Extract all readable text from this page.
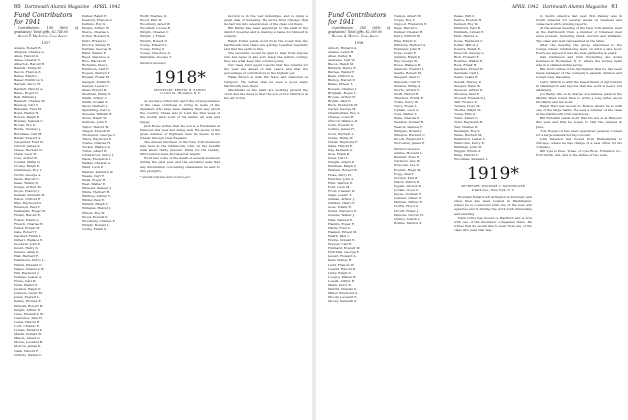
60 Dartmouth Alumni Magazine APRIL 1942
Fund Contributors for 1941

Contributors: 198 (80% of graduates). Total gifts, $2,740.00

Arthur P. MacIntyre, Class Agent.

1917
Adams, Robert R.
Ahlgren, Charles A.
Allen, Harold G.
Ames, Chester C.
Atherton, Harold R.
Babbitt, Philip M.
Bacon, Francis E.
Bailey, Ralph L.
Baker, Winthrop S.
Barrett, Percy W.
Bartlett, Harold A.
Bates, Roger N.
Bell, William J.
Bennett, Charles W.
Bigelow, Carl T.
Blaisdell, Fred M.
Bond, Walter H.
Bowen, Ralph E.
Bradley, Samuel C.
Brown, Roy E.
Burke, Thomas J.
Burnham, Carl M.
Butler, Everett A.
Carpenter, Fred H.
Carroll, James P.
Chase, Herbert N.
Clark, Leon W.
Cole, Arthur B.
Conant, Philip D.
Crosby, Ralph E.
Cummings, Roy L.
Curtis, George A.
Davis, Harold C.
Dean, Walter R.
Dodge, Arthur M.
Doyle, Francis J.
Dunbar, Kenneth H.
Eaton, Clifford P.
Ellis, Raymond G.
Emerson, Paul T.
Fairbanks, Roger W.
Fisher, Harold E.
Foster, Edwin L.
French, Charles R.
Fuller, Ernest W.
Gale, Robert T.
Gardner, Frank L.
Gilbert, Wallace E.
Goodwin, John P.
Gould, Harry S.
Graves, Allan D.
Hall, Herbert F.
Hammond, Percy L.
Harris, Edward C.
Hayes, Clarence W.
Hill, Raymond J.
Holmes, Lester A.
Howe, Carl W.
Hunt, Walter S.
Jackson, Ralph P.
Johnson, Oscar M.
Jones, Everett L.
Kelley, Thomas F.
Kimball, Robert H.
Knight, Arthur E.
Lane, Frederick W.
Lawrence, Paul H.
Lewis, Harold R.
Lord, Chester E.
Lyman, Richard P.
Marsh, Donald W.
Mason, Albert G.
Morse, Leonard B.
Morton, James K.
Nash, Harold F.
Nichols, Walter C.
Parker, Ralph E.
Peabody, Francis A.
Perkins, Roy G.
Phelps, Arthur W.
Pierce, Charles L.
Porter, Howard S.
Pratt, Ernest D.
Proctor, Sidney H.
Putnam, George R.
Rand, Walter P.
Reed, Clarence A.
Rice, Harold W.
Richards, Paul L.
Robinson, Carl E.
Rogers, Warren T.
Russell, Frank M.
Sargent, Edwin R.
Sawyer, Lewis C.
Shaw, Robert H.
Sherman, Philip E.
Smith, Arthur L.
Smith, Donald P.
Snow, Herbert J.
Spaulding, Carl A.
Stevens, William R.
Stone, Ralph W.
Sullivan, John F.
Taylor, Harold M.
Thayer, Everett B.
Thompson, George C.
Tilton, Raymond E.
Towne, Charles H.
Tucker, Wallace S.
Tuttle, Albert R.
Underwood, Percy J.
Wade, Frederick L.
Walker, Chester A.
Ward, Leon P.
Warren, Kenneth W.
Weeks, Carl F.
Wells, Roger H.
West, Walter E.
Wheeler, Samuel J.
White, Herbert R.
Whitney, Arthur C.
Wilder, Paul E.
Willard, Ralph T.
Williams, Harold J.
Wilson, Roy W.
Wood, Everett P.
Woodbury, Charles F.
Wright, Donald L.
Young, Frank S.
Wolff, Charles, Jr.
Wood, Paul W.
Woodbury, Jared W.
Woodruff, Lucius B.
Wright, Chester C.
Wright, J. Frank
Wright, Robert D.
Young, Edward L.
Young, Irving S.
Young, Theodore A.
Zabriskie, George T.
Members deceased
1918*
SECRETARY, ERNEST H. EARLEY
1 Court St., Brooklyn, N. Y.

As we have rolled into April the correspondence of the class continues to bring in news of the members who have been making their way about the country. Chase was in town the first week of the month with word of his family, all well and happy.

Jack Rowe writes that his son is a Freshman at Hanover this year and doing well. He spoke of the great number of Eighteen men he meets in his travels through New England.

The annual luncheon of the New York members was held at the Dartmouth Club on the twelfth with about thirty present. Plans for the twenty-fifth reunion were discussed at length.

Word has come of the death of several members during the past year and the secretary asks that any information concerning classmates be sent to him promptly.

* asterisk indicates class reunion year.

Gordon is in the war industries, and is doing a great deal of traveling. He wrote from Chicago that he had run into several men of the class out there.

Bill Burke has been appointed to the staff of the district hospital and is making a name for himself in surgery.

Ralph Fuller sends word from the Coast that the Dartmouth men there are getting together regularly and that the spirit is fine.

The secretary would be glad to hear from anyone who has news of any sort. Keep the letters coming; they are what keep this column going.

Our class fund agent reports that the returns for the year are ahead of last year's and that the percentage of contributors is the highest yet.

Hank Brown is with the Navy and stationed at Newport. He writes that he sees a good many Dartmouth men there.

Machinists at the plant are working around the clock and the news is that the son of Doc Harris is in the Air Corps.

APRIL 1942 Dartmouth Alumni Magazine 61
Fund Contributors for 1941

Contributors: 165 (66% of graduates). Total gifts, $2,500.00

Richard A. Holton, Class Agent.

1918
Abbott, Richard A.
Adams, Lewis H.
Allen, Perley B.
Andrews, Carl W.
Bacon, Ralph M.
Baldwin, Henry E.
Barnes, Walter F.
Bean, Clifford A.
Bishop, Harold P.
Blake, Ernest T.
Bowers, Charles J.
Brigham, Roger L.
Brooks, Arthur H.
Bryant, Paul E.
Buck, Frederick W.
Carter, George M.
Chamberlain, Roy A.
Cheney, Louis R.
Church, Wallace D.
Cobb, Everett S.
Collins, James H.
Cook, Herbert L.
Crane, Philip W.
Cutler, Raymond F.
Dana, Harold E.
Day, Kenneth A.
Dow, Frank R.
Drew, Carl L.
Dwight, Albert P.
Eastman, Ralph C.
Farnum, Robert W.
Fiske, Percy H.
Fletcher, John A.
Flint, Warren E.
Ford, Leon M.
Frost, Chester W.
Gage, Lester T.
Gilman, Arthur J.
Glidden, Harry F.
Goss, Edwin R.
Grant, Clarence E.
Greene, Walter J.
Hale, Samuel P.
Hamlin, Roger F.
Hardy, Fred C.
Haskell, Ernest M.
Heath, Paul L.
Hobbs, Donald E.
Hooper, Carl R.
Hubbard, Everett W.
Hutchins, George F.
Jewett, Howard A.
Kent, Sidney R.
Ladd, Francis W.
Leavitt, Harold D.
Libby, Ralph S.
Lovejoy, Walter H.
Lowell, Arthur R.
Mann, Percy E.
Merrill, Charles S.
Miller, Raymond A.
Moody, Leonard F.
Moore, Kenneth P.
Nelson, Albert W.
Noyes, Roy T.
Osgood, Frederick E.
Page, Harold L.
Palmer, Chester R.
Perry, Clifford W.
Pike, Edwin S.
Pillsbury, Herbert A.
Plummer, John R.
Pope, Lewis E.
Quimby, Ralph P.
Ray, George W.
Rowe, Wallace H.
Sanborn, Everett L.
Searle, Robert M.
Shepard, Paul C.
Simonds, Carl H.
Stearns, Philip A.
Storrs, Arthur F.
Swift, Harold R.
Thurston, Frank E.
Towle, Percy W.
Tracy, Roger L.
Upham, Leon A.
Vose, Walter T.
Ware, Charles P.
Webster, Donald R.
Weston, Samuel F.
Whipple, Ernest J.
Winslow, Herbert C.
Woods, Raymond L.
Worcester, James E.
Members deceased
Adams, Howard L.
Bennett, Ross E.
Carleton, Guy W.
Donovan, Leo P.
Everett, Hugh M.
Fogg, Alan T.
Gordon, Earl B.
Hatch, Milton R.
Ingalls, Vernon K.
Jordan, Lloyd C.
Keyes, Norman F.
Lamson, Oliver G.
Marden, Wilbur E.
Norris, Floyd A.
Orcutt, Elmer J.
Parsons, Grover H.
Quincy, Austin L.
Rollins, Merton S.
Pease, Will C.
Peirce, Everett H.
Pennell, Roy W.
Philbrick, Earl R.
Pinkham, Lyman E.
Platt, Harold A.
Poole, Raymond C.
Potter, Milton J.
Powers, Ralph E.
Prescott, George L.
Rich, Howard F.
Robbins, Walter E.
Ross, Frank H.
Sanders, Ernest B.
Sawtelle, Carl J.
Sears, Leslie R.
Sewall, Harvey P.
Sleeper, Dana W.
Spencer, Arthur K.
Stickney, Paul F.
Stowell, Frederick J.
Taft, Horace E.
Tenney, Lloyd M.
Thorne, Ralph W.
Tobey, Ellis G.
Train, Albert C.
Tyler, Raymond H.
Vail, Charles D.
Wadleigh, Roy S.
Waite, Herbert M.
Washburn, Lester C.
Whitcomb, Percy E.
Whitman, John W.
Wiggin, Edwin A.
Wing, Harold T.
Woodman, Kenneth L.
1919*
SECRETARY, WINDSOR C. BATCHELDER
4 Park Ave., New York, N. Y.

Rowland Pollard left Arlington in February and since then has been located in Washington, where he is connected with one of the new war agencies and is finding the work both interesting and exacting.

Herb Colby has moved to Hartford and is now with one of the insurance companies there. He writes that he would like to hear from any of the class who pass that way.

to South America last year. Bob Paisley was in South America for several weeks on business and came back with glowing reports.

At the annual meeting of the New York Alumni, held at the Dartmouth Club, a number of Nineteen men were present, including Clark, Gordon and Williams. The class was well represented at the table.

After the meeting the group adjourned to the lounge where reminiscing went on until a late hour. Everyone agreed it was the best gathering in years.

Dan Dickinson and Dick Duckering are doing business in Rochester, N. Y., where the hockey team was in a championship series.

Bill Scott writes from Springfield that he has been made manager of the company's eastern division and is kept busy traveling.

Larry Ahlrich is with the Department of Agriculture in Washington and reports that the work is heavy but satisfying.

Joe Reilly, who is in charge of a defense plant in the Middle West, found time to write a long letter about his family and his work.

Ralph Hart has moved to Boston where he is with one of the large banks. He sees a number of the class at the Dartmouth Club luncheons.

Bill Rundlett sends word that his son is at Hanover this year and that he hopes to visit the campus in June.

Tom Hopwood has been appointed general counsel for a large manufacturing concern.

John Peterson has moved from Philadelphia to Chicago, where he has charge of a new office for his company.

Bill Lyle is Pres. Treas. of Lyle Bros. Furniture Co., Fort Smith, Ark. and is the father of two sons.
